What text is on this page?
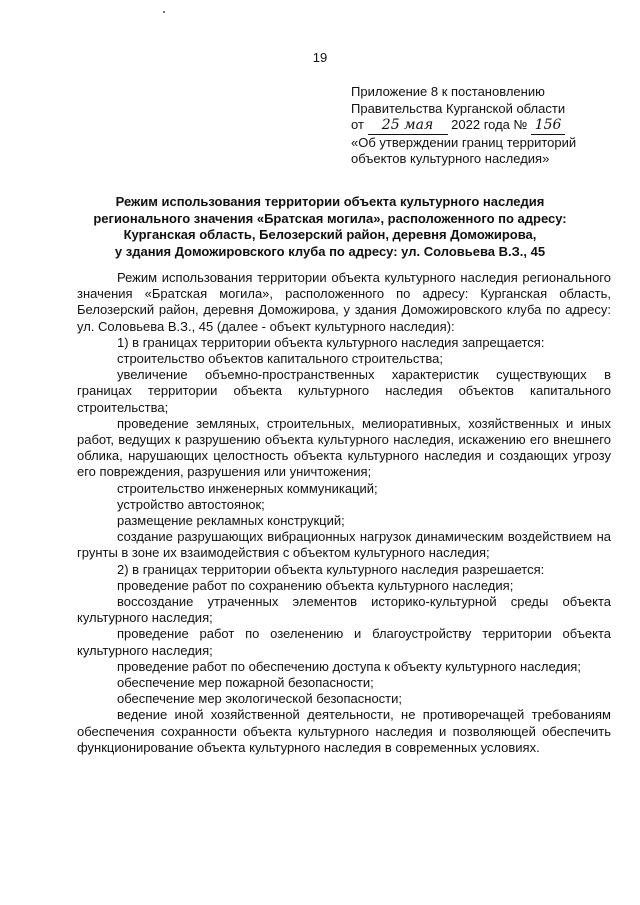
19
Приложение 8 к постановлению
Правительства Курганской области
от 25 мая 2022 года № 156
«Об утверждении границ территорий
объектов культурного наследия»
Режим использования территории объекта культурного наследия
регионального значения «Братская могила», расположенного по адресу:
Курганская область, Белозерский район, деревня Доможирова,
у здания Доможировского клуба по адресу: ул. Соловьева В.З., 45

Режим использования территории объекта культурного наследия регионального значения «Братская могила», расположенного по адресу: Курганская область, Белозерский район, деревня Доможирова, у здания Доможировского клуба по адресу: ул. Соловьева В.З., 45 (далее - объект культурного наследия):

1) в границах территории объекта культурного наследия запрещается:

строительство объектов капитального строительства;

увеличение объемно-пространственных характеристик существующих в границах территории объекта культурного наследия объектов капитального строительства;

проведение земляных, строительных, мелиоративных, хозяйственных и иных работ, ведущих к разрушению объекта культурного наследия, искажению его внешнего облика, нарушающих целостность объекта культурного наследия и создающих угрозу его повреждения, разрушения или уничтожения;

строительство инженерных коммуникаций;

устройство автостоянок;

размещение рекламных конструкций;

создание разрушающих вибрационных нагрузок динамическим воздействием на грунты в зоне их взаимодействия с объектом культурного наследия;

2) в границах территории объекта культурного наследия разрешается:

проведение работ по сохранению объекта культурного наследия;

воссоздание утраченных элементов историко-культурной среды объекта культурного наследия;

проведение работ по озеленению и благоустройству территории объекта культурного наследия;

проведение работ по обеспечению доступа к объекту культурного наследия;

обеспечение мер пожарной безопасности;

обеспечение мер экологической безопасности;

ведение иной хозяйственной деятельности, не противоречащей требованиям обеспечения сохранности объекта культурного наследия и позволяющей обеспечить функционирование объекта культурного наследия в современных условиях.
